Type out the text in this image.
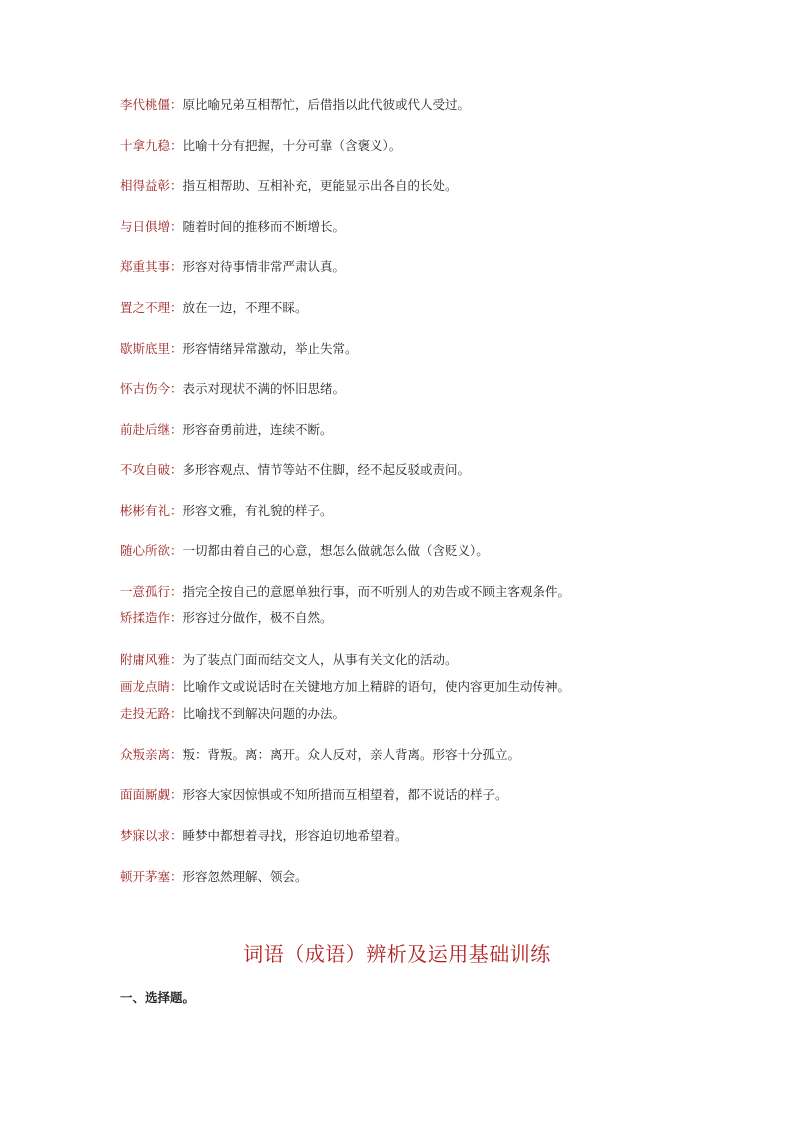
李代桃僵：原比喻兄弟互相帮忙，后借指以此代彼或代人受过。
十拿九稳：比喻十分有把握，十分可靠（含褒义）。
相得益彰：指互相帮助、互相补充，更能显示出各自的长处。
与日俱增：随着时间的推移而不断增长。
郑重其事：形容对待事情非常严肃认真。
置之不理：放在一边，不理不睬。
歇斯底里：形容情绪异常激动，举止失常。
怀古伤今：表示对现状不满的怀旧思绪。
前赴后继：形容奋勇前进，连续不断。
不攻自破：多形容观点、情节等站不住脚，经不起反驳或责问。
彬彬有礼：形容文雅，有礼貌的样子。
随心所欲：一切都由着自己的心意，想怎么做就怎么做（含贬义）。
一意孤行：指完全按自己的意愿单独行事，而不听别人的劝告或不顾主客观条件。
矫揉造作：形容过分做作，极不自然。
附庸风雅：为了装点门面而结交文人，从事有关文化的活动。
画龙点睛：比喻作文或说话时在关键地方加上精辟的语句，使内容更加生动传神。
走投无路：比喻找不到解决问题的办法。
众叛亲离：叛：背叛。离：离开。众人反对，亲人背离。形容十分孤立。
面面厮觑：形容大家因惊惧或不知所措而互相望着，都不说话的样子。
梦寐以求：睡梦中都想着寻找，形容迫切地希望着。
顿开茅塞：形容忽然理解、领会。
词语（成语）辨析及运用基础训练
一、选择题。
